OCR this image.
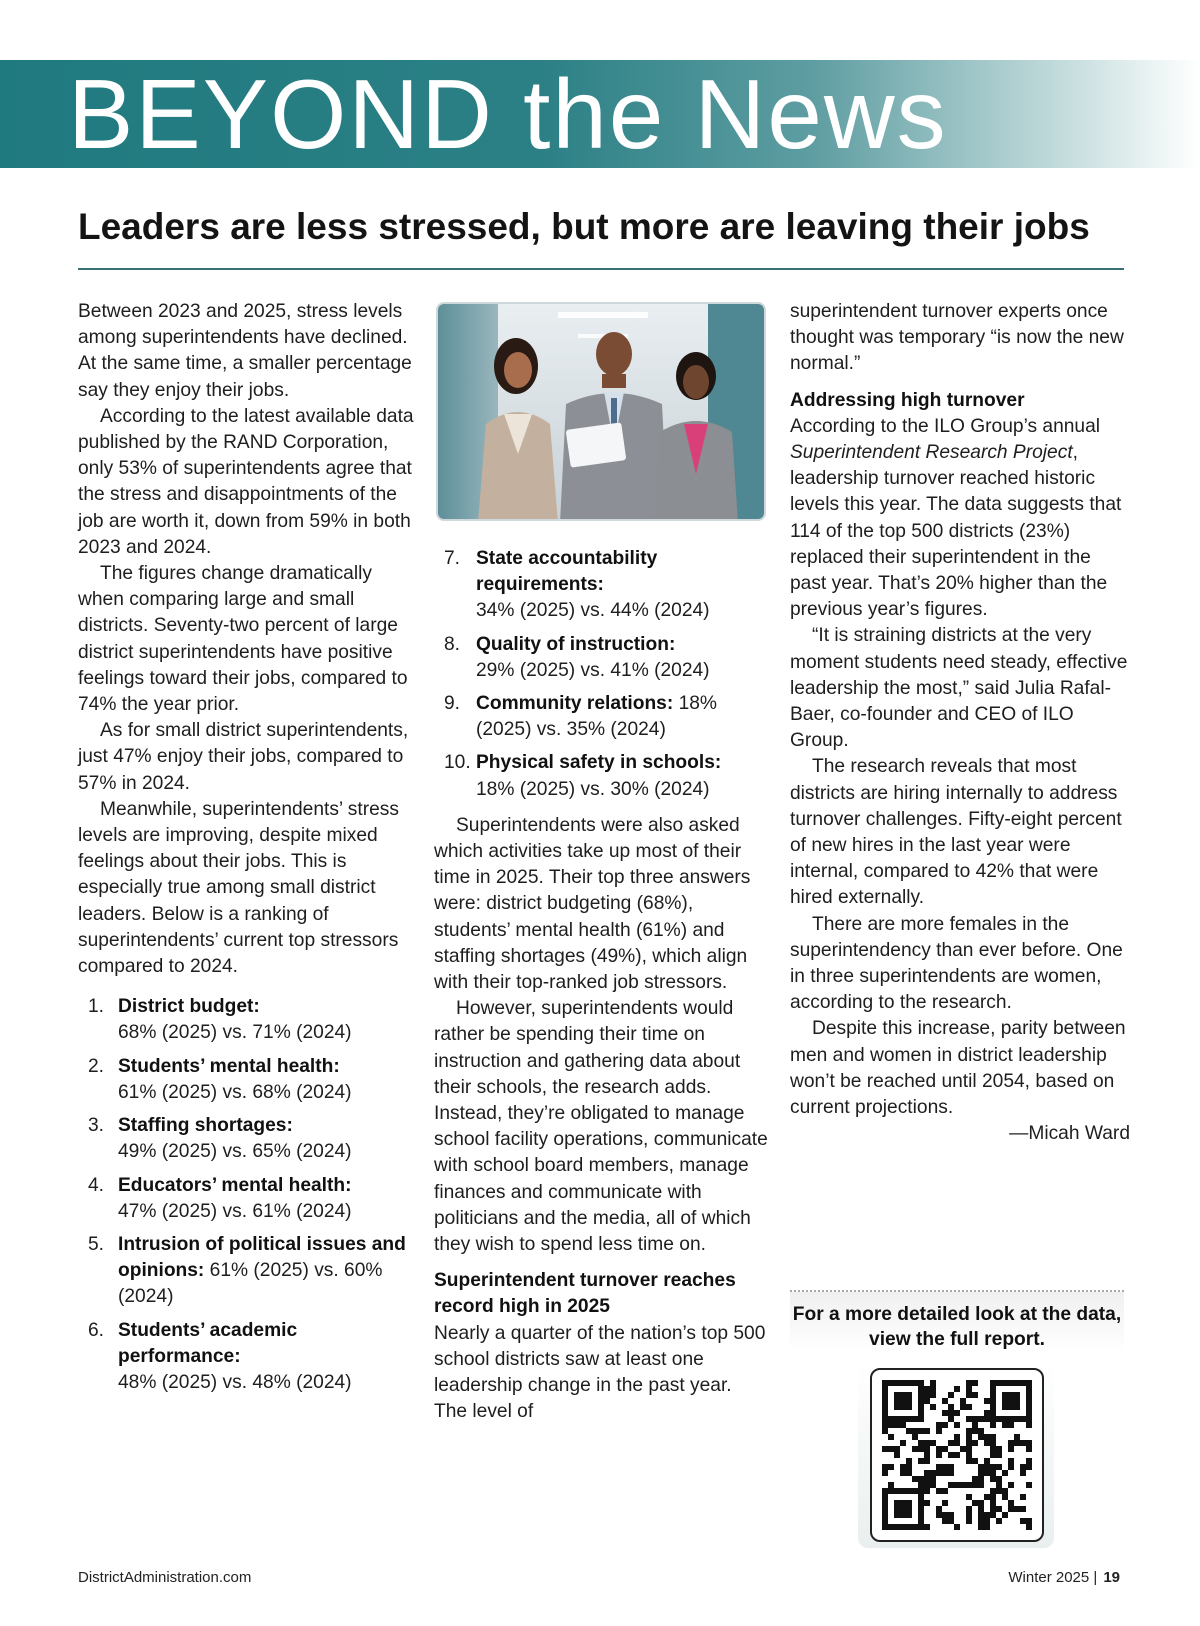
BEYOND the News
Leaders are less stressed, but more are leaving their jobs

Between 2023 and 2025, stress levels among superintendents have declined. At the same time, a smaller percentage say they enjoy their jobs.

According to the latest available data published by the RAND Corporation, only 53% of superintendents agree that the stress and disappointments of the job are worth it, down from 59% in both 2023 and 2024.

The figures change dramatically when comparing large and small districts. Seventy-two percent of large district superintendents have positive feelings toward their jobs, compared to 74% the year prior.

As for small district superintendents, just 47% enjoy their jobs, compared to 57% in 2024.

Meanwhile, superintendents’ stress levels are improving, despite mixed feelings about their jobs. This is especially true among small district leaders. Below is a ranking of superintendents’ current top stressors compared to 2024.

1. District budget:
68% (2025) vs. 71% (2024)
2. Students’ mental health:
61% (2025) vs. 68% (2024)
3. Staffing shortages:
49% (2025) vs. 65% (2024)
4. Educators’ mental health:
47% (2025) vs. 61% (2024)
5. Intrusion of political issues and opinions: 61% (2025) vs. 60% (2024)
6. Students’ academic performance:
48% (2025) vs. 48% (2024)
7. State accountability requirements:
34% (2025) vs. 44% (2024)
8. Quality of instruction:
29% (2025) vs. 41% (2024)
9. Community relations: 18% (2025) vs. 35% (2024)
10. Physical safety in schools:
18% (2025) vs. 30% (2024)

Superintendents were also asked which activities take up most of their time in 2025. Their top three answers were: district budgeting (68%), students’ mental health (61%) and staffing shortages (49%), which align with their top-ranked job stressors.

However, superintendents would rather be spending their time on instruction and gathering data about their schools, the research adds. Instead, they’re obligated to manage school facility operations, communicate with school board members, manage finances and communicate with politicians and the media, all of which they wish to spend less time on.

Superintendent turnover reaches record high in 2025

Nearly a quarter of the nation’s top 500 school districts saw at least one leadership change in the past year. The level of

superintendent turnover experts once thought was temporary “is now the new normal.”

Addressing high turnover

According to the ILO Group’s annual Superintendent Research Project, leadership turnover reached historic levels this year. The data suggests that 114 of the top 500 districts (23%) replaced their superintendent in the past year. That’s 20% higher than the previous year’s figures.

“It is straining districts at the very moment students need steady, effective leadership the most,” said Julia Rafal-Baer, co-founder and CEO of ILO Group.

The research reveals that most districts are hiring internally to address turnover challenges. Fifty-eight percent of new hires in the last year were internal, compared to 42% that were hired externally.

There are more females in the superintendency than ever before. One in three superintendents are women, according to the research.

Despite this increase, parity between men and women in district leadership won’t be reached until 2054, based on current projections.

—Micah Ward

For a more detailed look at the data, view the full report.
DistrictAdministration.com	Winter 2025 | 19
